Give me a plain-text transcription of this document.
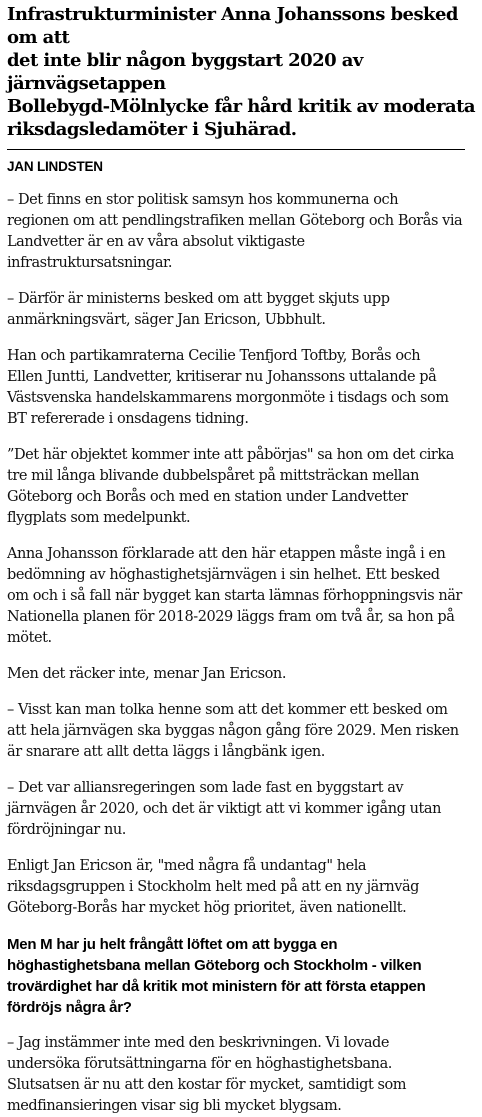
Infrastrukturminister Anna Johanssons besked om att
det inte blir någon byggstart 2020 av järnvägsetappen
Bollebygd-Mölnlycke får hård kritik av moderata
riksdagsledamöter i Sjuhärad.
JAN LINDSTEN

– Det finns en stor politisk samsyn hos kommunerna och
regionen om att pendlingstrafiken mellan Göteborg och Borås via
Landvetter är en av våra absolut viktigaste
infrastruktursatsningar.

– Därför är ministerns besked om att bygget skjuts upp
anmärkningsvärt, säger Jan Ericson, Ubbhult.

Han och partikamraterna Cecilie Tenfjord Toftby, Borås och
Ellen Juntti, Landvetter, kritiserar nu Johanssons uttalande på
Västsvenska handelskammarens morgonmöte i tisdags och som
BT refererade i onsdagens tidning.

”Det här objektet kommer inte att påbörjas" sa hon om det cirka
tre mil långa blivande dubbelspåret på mittsträckan mellan
Göteborg och Borås och med en station under Landvetter
flygplats som medelpunkt.

Anna Johansson förklarade att den här etappen måste ingå i en
bedömning av höghastighetsjärnvägen i sin helhet. Ett besked
om och i så fall när bygget kan starta lämnas förhoppningsvis när
Nationella planen för 2018-2029 läggs fram om två år, sa hon på
mötet.

Men det räcker inte, menar Jan Ericson.

– Visst kan man tolka henne som att det kommer ett besked om
att hela järnvägen ska byggas någon gång före 2029. Men risken
är snarare att allt detta läggs i långbänk igen.

– Det var alliansregeringen som lade fast en byggstart av
järnvägen år 2020, och det är viktigt att vi kommer igång utan
fördröjningar nu.

Enligt Jan Ericson är, "med några få undantag" hela
riksdagsgruppen i Stockholm helt med på att en ny järnväg
Göteborg-Borås har mycket hög prioritet, även nationellt.

Men M har ju helt frångått löftet om att bygga en
höghastighetsbana mellan Göteborg och Stockholm - vilken
trovärdighet har då kritik mot ministern för att första etappen
fördröjs några år?

– Jag instämmer inte med den beskrivningen. Vi lovade
undersöka förutsättningarna för en höghastighetsbana.
Slutsatsen är nu att den kostar för mycket, samtidigt som
medfinansieringen visar sig bli mycket blygsam.
